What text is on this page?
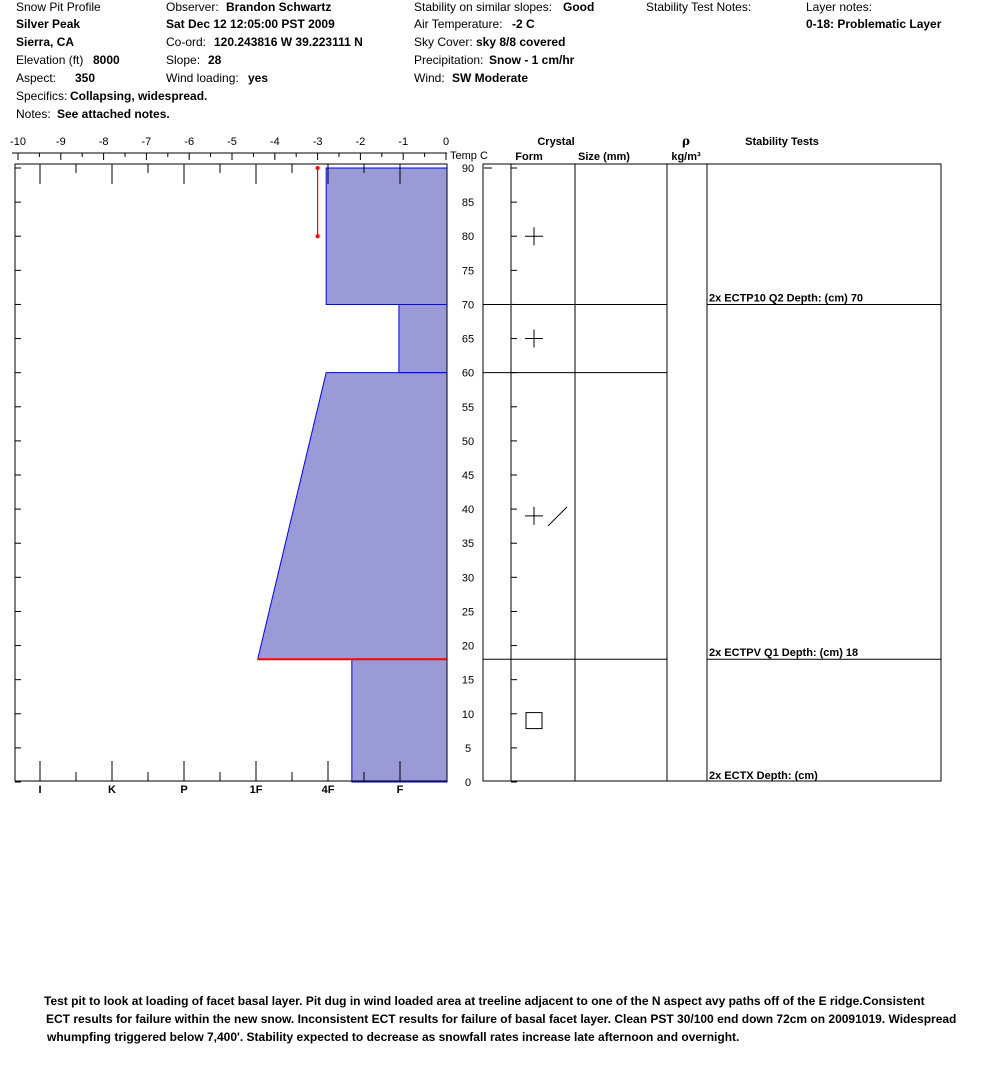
Snow Pit Profile
Silver Peak
Sierra, CA
Elevation (ft) 8000
Aspect: 350
Specifics: Collapsing, widespread.
Notes: See attached notes.
Observer: Brandon Schwartz
Sat Dec 12 12:05:00 PST 2009
Co-ord: 120.243816 W 39.223111 N
Slope: 28
Wind loading: yes
Stability on similar slopes: Good
Air Temperature: -2 C
Sky Cover: sky 8/8 covered
Precipitation: Snow - 1 cm/hr
Wind: SW Moderate
Stability Test Notes:	Layer notes:
0-18: Problematic Layer
-10	-9	-8	-7	-6	-5	-4	-3	-2	-1	0
Temp C
I	K	P	1F	4F	F
0
5
10
15
20
25
30
35
40
45
50
55
60
65
70
75
80
85
90
Crystal
Form	Size (mm)
ρ
kg/m³
Stability Tests
2x ECTP10 Q2 Depth: (cm) 70
2x ECTPV Q1 Depth: (cm) 18
2x ECTX Depth: (cm)
Test pit to look at loading of facet basal layer. Pit dug in wind loaded area at treeline adjacent to one of the N aspect avy paths off of the E ridge.Consistent
ECT results for failure within the new snow. Inconsistent ECT results for failure of basal facet layer. Clean PST 30/100 end down 72cm on 20091019. Widespread
whumpfing triggered below 7,400'. Stability expected to decrease as snowfall rates increase late afternoon and overnight.
